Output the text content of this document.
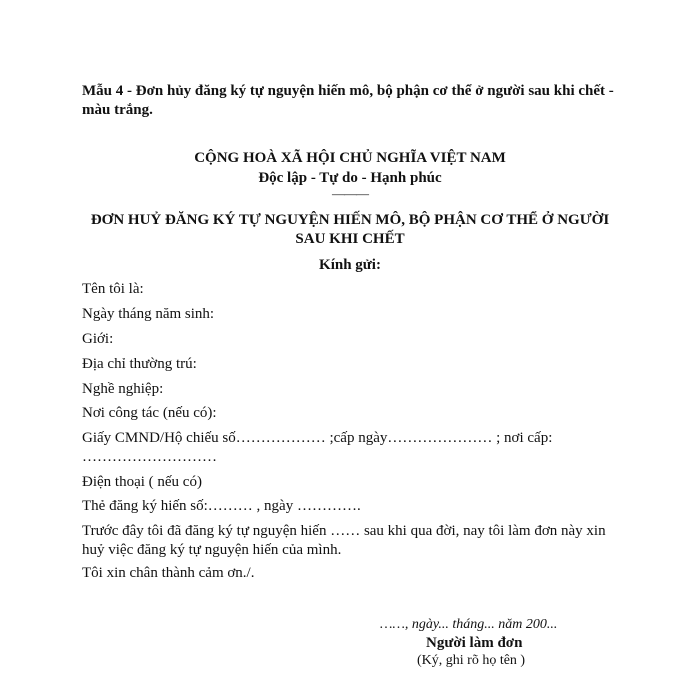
Mẫu 4 - Đơn hủy đăng ký tự nguyện hiến mô, bộ phận cơ thể ở người sau khi chết - màu trắng.
CỘNG HOÀ XÃ HỘI CHỦ NGHĨA VIỆT NAM
Độc lập - Tự do - Hạnh phúc
———
ĐƠN HUỶ ĐĂNG KÝ TỰ NGUYỆN HIẾN MÔ, BỘ PHẬN CƠ THỂ Ở NGƯỜI
SAU KHI CHẾT
Kính gửi:
Tên tôi là:
Ngày tháng năm sinh:
Giới:
Địa chỉ thường trú:
Nghề nghiệp:
Nơi công tác (nếu có):
Giấy CMND/Hộ chiếu số……………… ;cấp ngày………………… ; nơi cấp:
………………………
Điện thoại ( nếu có)
Thẻ đăng ký hiến số:……… , ngày ………….
Trước đây tôi đã đăng ký tự nguyện hiến …… sau khi qua đời, nay tôi làm đơn này xin huỷ việc đăng ký tự nguyện hiến của mình.
Tôi xin chân thành cảm ơn./.
……, ngày... tháng... năm 200...
Người làm đơn
(Ký, ghi rõ họ tên )
